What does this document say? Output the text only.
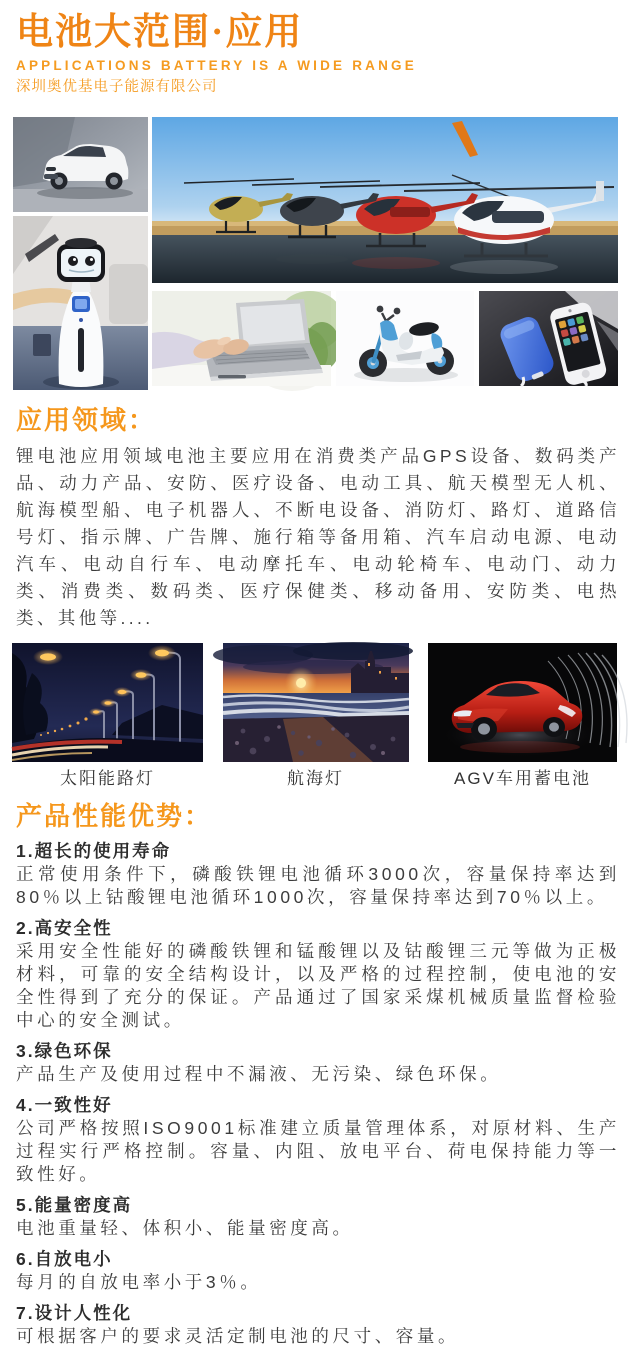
电池大范围·应用
APPLICATIONS BATTERY IS A WIDE RANGE
深圳奥优基电子能源有限公司
应用领域：

锂电池应用领域电池主要应用在消费类产品GPS设备、数码类产品、动力产品、安防、医疗设备、电动工具、航天模型无人机、航海模型船、电子机器人、不断电设备、消防灯、路灯、道路信号灯、指示牌、广告牌、施行箱等备用箱、汽车启动电源、电动汽车、电动自行车、电动摩托车、电动轮椅车、电动门、动力类、消费类、数码类、医疗保健类、移动备用、安防类、电热类、其他等....

太阳能路灯	航海灯	AGV车用蓄电池
产品性能优势：
1.超长的使用寿命

正常使用条件下，磷酸铁锂电池循环3000次，容量保持率达到80％以上钴酸锂电池循环1000次，容量保持率达到70％以上。

2.高安全性

采用安全性能好的磷酸铁锂和锰酸锂以及钴酸锂三元等做为正极材料，可靠的安全结构设计，以及严格的过程控制，使电池的安全性得到了充分的保证。产品通过了国家采煤机械质量监督检验中心的安全测试。

3.绿色环保

产品生产及使用过程中不漏液、无污染、绿色环保。

4.一致性好

公司严格按照ISO9001标准建立质量管理体系，对原材料、生产过程实行严格控制。容量、内阻、放电平台、荷电保持能力等一致性好。

5.能量密度高

电池重量轻、体积小、能量密度高。

6.自放电小

每月的自放电率小于3％。

7.设计人性化

可根据客户的要求灵活定制电池的尺寸、容量。
